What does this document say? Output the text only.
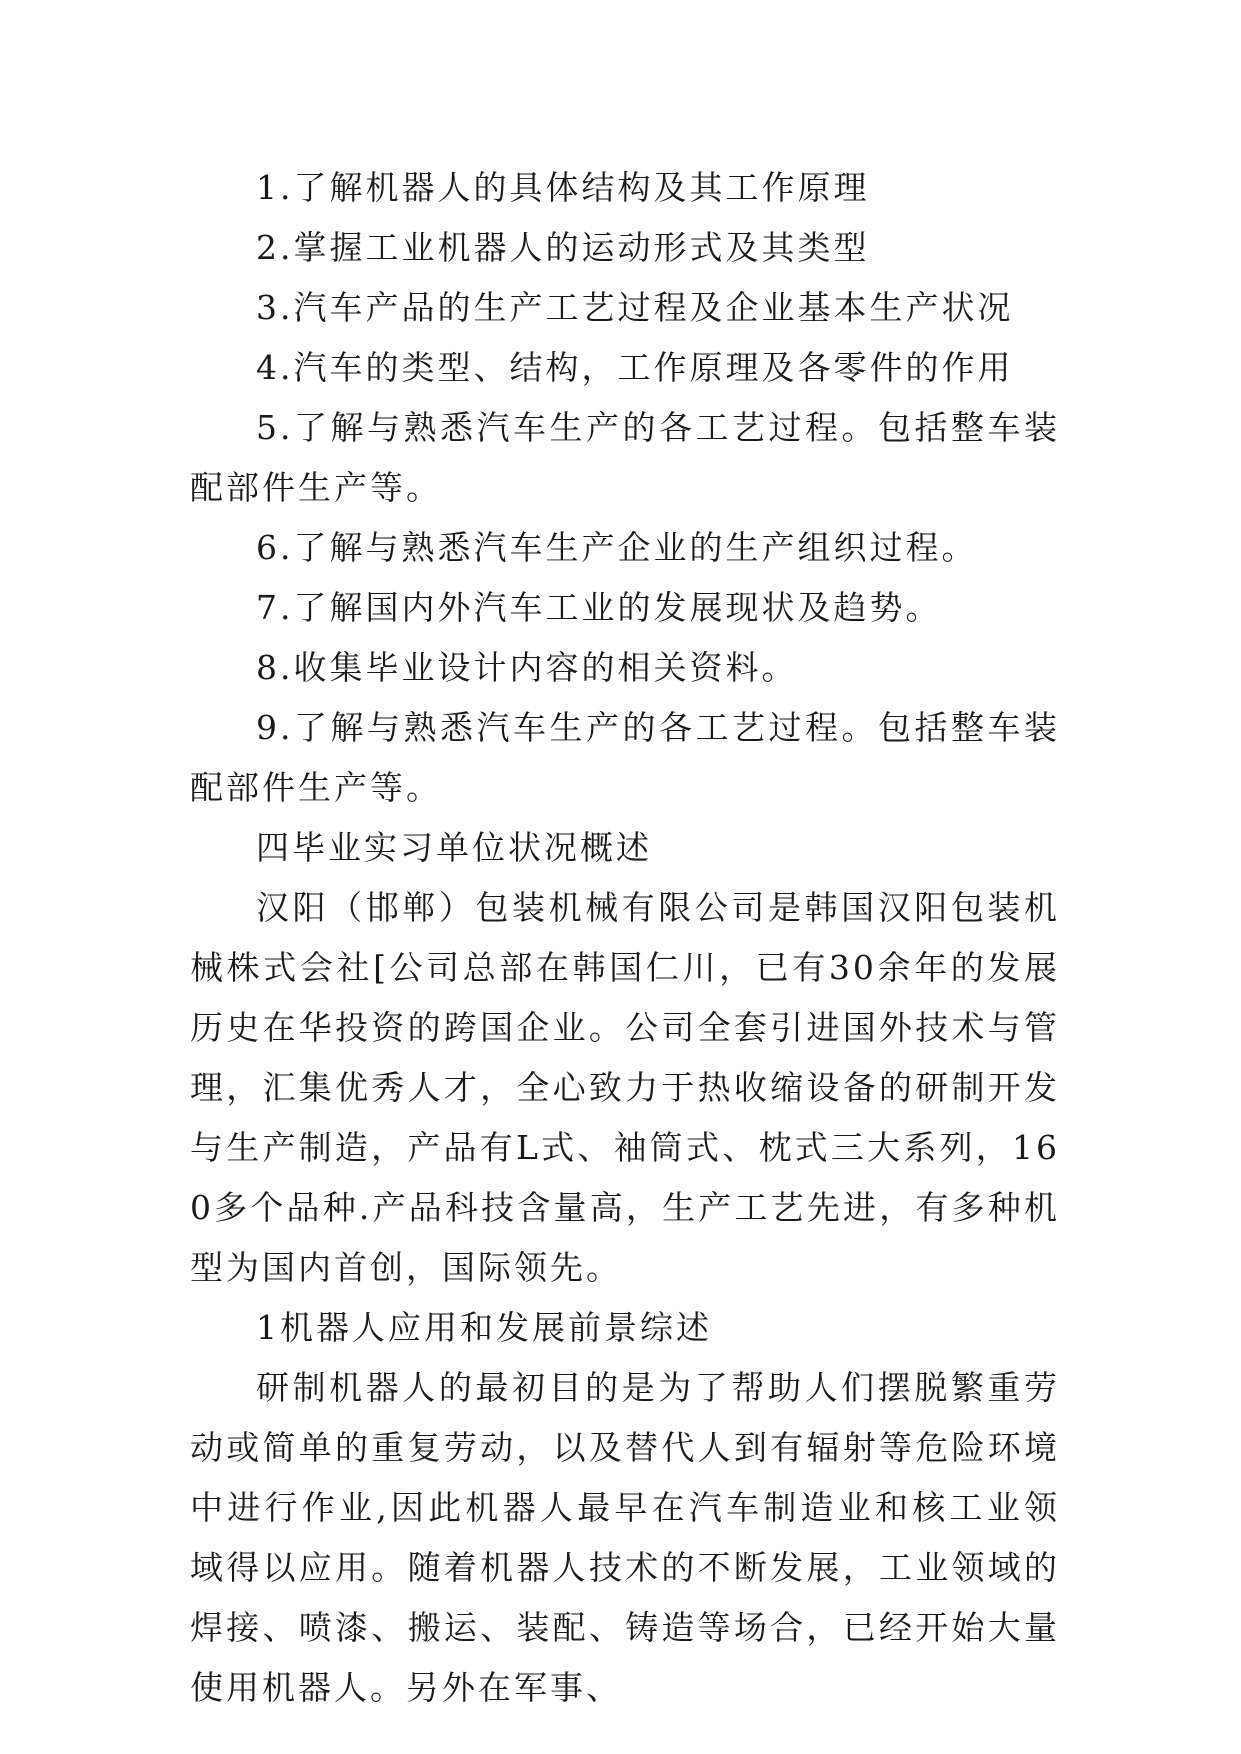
1.了解机器人的具体结构及其工作原理

2.掌握工业机器人的运动形式及其类型

3.汽车产品的生产工艺过程及企业基本生产状况

4.汽车的类型、结构，工作原理及各零件的作用

5.了解与熟悉汽车生产的各工艺过程。包括整车装配部件生产等。

6.了解与熟悉汽车生产企业的生产组织过程。

7.了解国内外汽车工业的发展现状及趋势。

8.收集毕业设计内容的相关资料。

9.了解与熟悉汽车生产的各工艺过程。包括整车装配部件生产等。

四毕业实习单位状况概述

汉阳（邯郸）包装机械有限公司是韩国汉阳包装机械株式会社[公司总部在韩国仁川，已有30余年的发展历史在华投资的跨国企业。公司全套引进国外技术与管理，汇集优秀人才，全心致力于热收缩设备的研制开发与生产制造，产品有L式、袖筒式、枕式三大系列，160多个品种.产品科技含量高，生产工艺先进，有多种机型为国内首创，国际领先。

1机器人应用和发展前景综述

研制机器人的最初目的是为了帮助人们摆脱繁重劳动或简单的重复劳动，以及替代人到有辐射等危险环境中进行作业,因此机器人最早在汽车制造业和核工业领域得以应用。随着机器人技术的不断发展，工业领域的焊接、喷漆、搬运、装配、铸造等场合，已经开始大量使用机器人。另外在军事、
